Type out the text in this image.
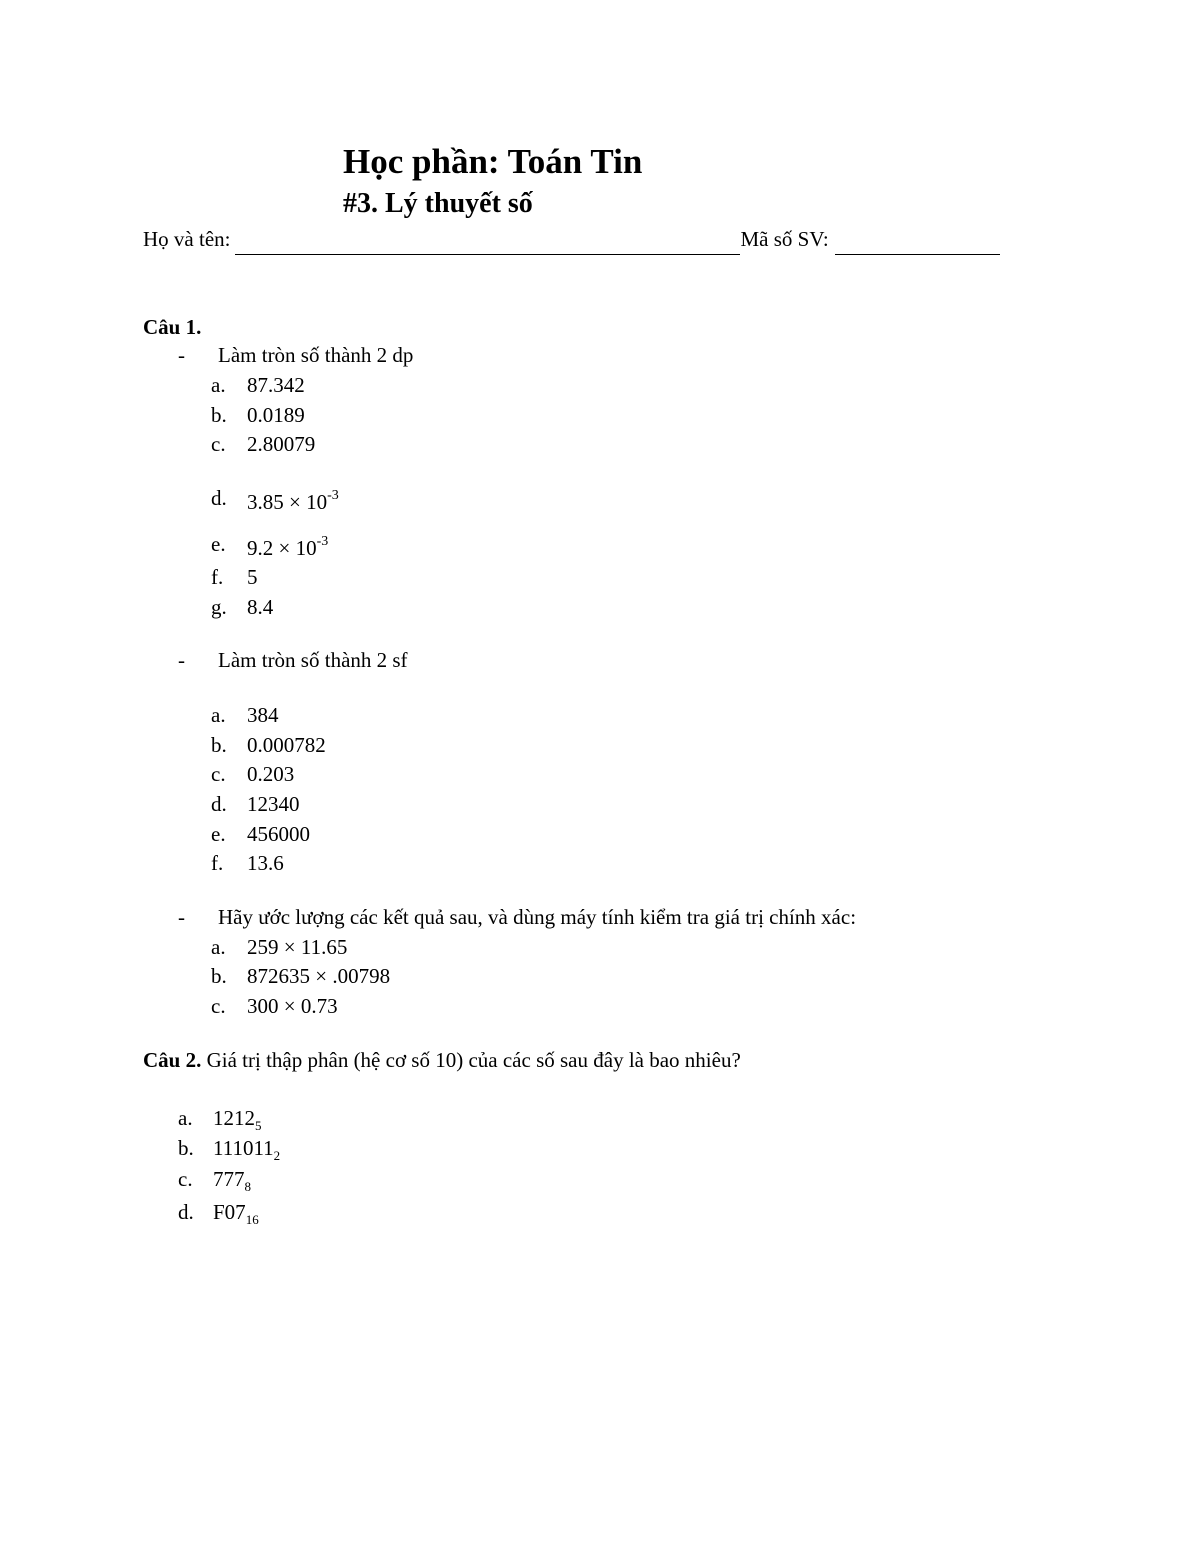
Học phần: Toán Tin
#3. Lý thuyết số
Họ và tên:	Mã số SV:
Câu 1.
- Làm tròn số thành 2 dp
a. 87.342
b. 0.0189
c. 2.80079
d. $3.85 \times 10^{-3}$
e. $9.2 \times 10^{-3}$
f. 5
g. 8.4
- Làm tròn số thành 2 sf
a. 384
b. 0.000782
c. 0.203
d. 12340
e. 456000
f. 13.6
- Hãy ước lượng các kết quả sau, và dùng máy tính kiểm tra giá trị chính xác:
a. 259 × 11.65
b. 872635 × .00798
c. 300 × 0.73
Câu 2. Giá trị thập phân (hệ cơ số 10) của các số sau đây là bao nhiêu?
a. $1212_5$
b. $111011_2$
c. $777_8$
d. $F07_{16}$
